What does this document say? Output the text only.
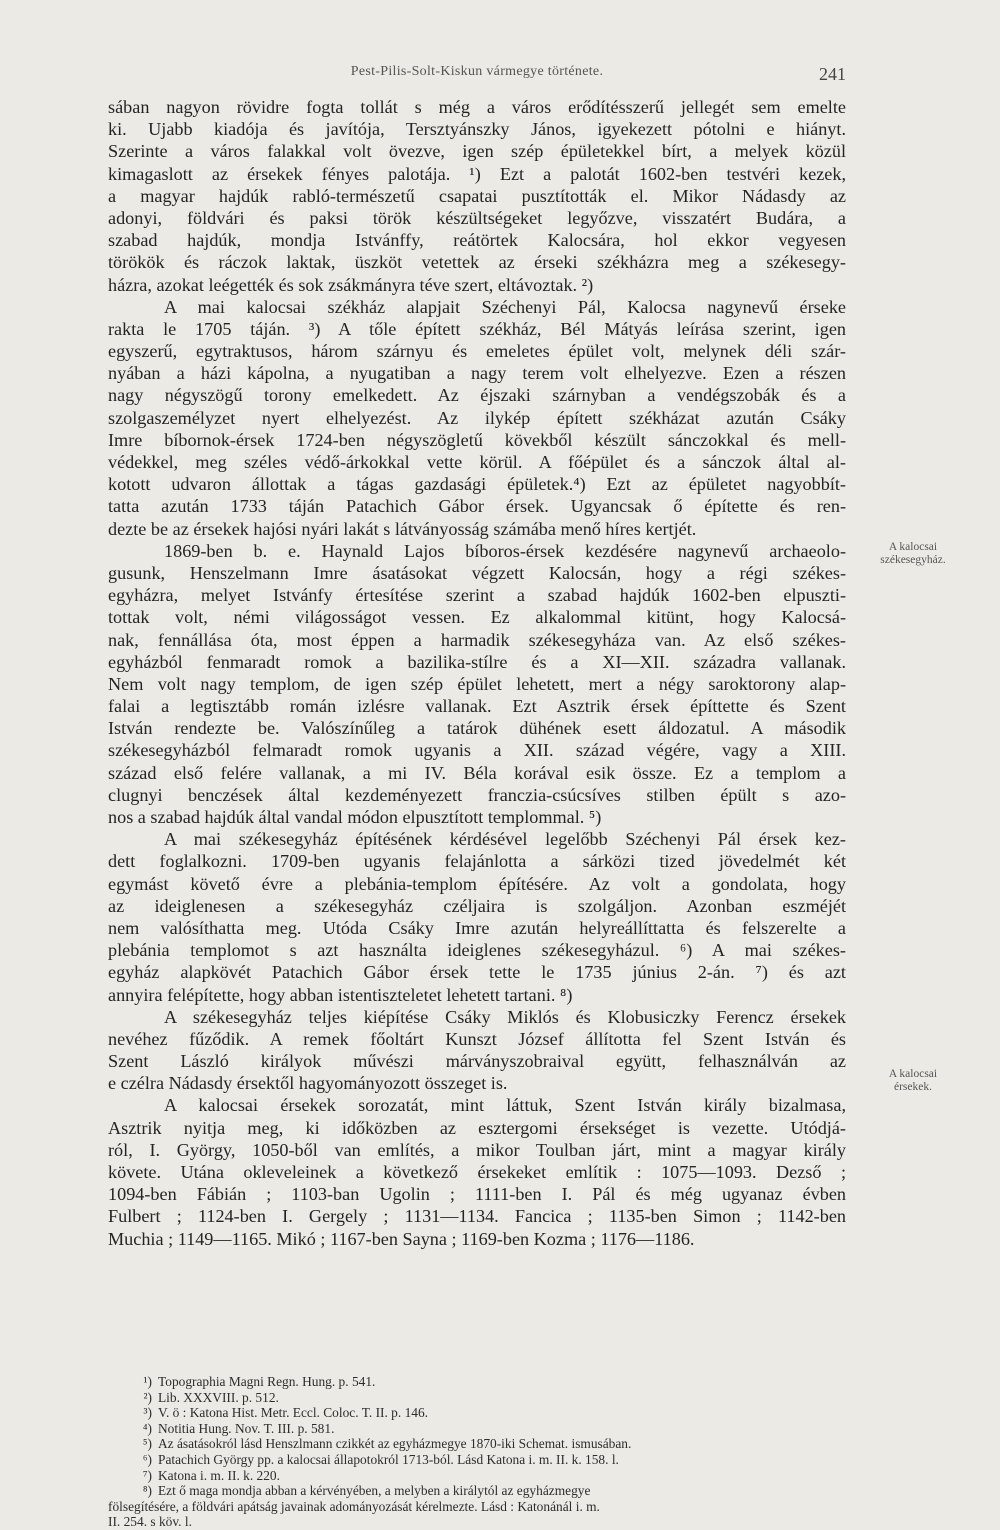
Pest-Pilis-Solt-Kiskun vármegye története.	241
sában nagyon rövidre fogta tollát s még a város erődítésszerű jellegét sem emelte
ki. Ujabb kiadója és javítója, Tersztyánszky János, igyekezett pótolni e hiányt.
Szerinte a város falakkal volt övezve, igen szép épületekkel bírt, a melyek közül
kimagaslott az érsekek fényes palotája. ¹) Ezt a palotát 1602-ben testvéri kezek,
a magyar hajdúk rabló-természetű csapatai pusztították el. Mikor Nádasdy az
adonyi, földvári és paksi török készültségeket legyőzve, visszatért Budára, a
szabad hajdúk, mondja Istvánffy, reátörtek Kalocsára, hol ekkor vegyesen
törökök és ráczok laktak, üszköt vetettek az érseki székházra meg a székesegy-
házra, azokat leégették és sok zsákmányra téve szert, eltávoztak. ²)
A mai kalocsai székház alapjait Széchenyi Pál, Kalocsa nagynevű érseke
rakta le 1705 táján. ³) A tőle épített székház, Bél Mátyás leírása szerint, igen
egyszerű, egytraktusos, három szárnyu és emeletes épület volt, melynek déli szár-
nyában a házi kápolna, a nyugatiban a nagy terem volt elhelyezve. Ezen a részen
nagy négyszögű torony emelkedett. Az éjszaki szárnyban a vendégszobák és a
szolgaszemélyzet nyert elhelyezést. Az ilykép épített székházat azután Csáky
Imre bíbornok-érsek 1724-ben négyszögletű kövekből készült sánczokkal és mell-
védekkel, meg széles védő-árkokkal vette körül. A főépület és a sánczok által al-
kotott udvaron állottak a tágas gazdasági épületek.⁴) Ezt az épületet nagyobbít-
tatta azután 1733 táján Patachich Gábor érsek. Ugyancsak ő építette és ren-
dezte be az érsekek hajósi nyári lakát s látványosság számába menő híres kertjét.
1869-ben b. e. Haynald Lajos bíboros-érsek kezdésére nagynevű archaeolo-
gusunk, Henszelmann Imre ásatásokat végzett Kalocsán, hogy a régi székes-
egyházra, melyet Istvánfy értesítése szerint a szabad hajdúk 1602-ben elpuszti-
tottak volt, némi világosságot vessen. Ez alkalommal kitünt, hogy Kalocsá-
nak, fennállása óta, most éppen a harmadik székesegyháza van. Az első székes-
egyházból fenmaradt romok a bazilika-stílre és a XI—XII. századra vallanak.
Nem volt nagy templom, de igen szép épület lehetett, mert a négy saroktorony alap-
falai a legtisztább román izlésre vallanak. Ezt Asztrik érsek építtette és Szent
István rendezte be. Valószínűleg a tatárok dühének esett áldozatul. A második
székesegyházból felmaradt romok ugyanis a XII. század végére, vagy a XIII.
század első felére vallanak, a mi IV. Béla korával esik össze. Ez a templom a
clugnyi benczések által kezdeményezett franczia-csúcsíves stilben épült s azo-
nos a szabad hajdúk által vandal módon elpusztított templommal. ⁵)
A mai székesegyház építésének kérdésével legelőbb Széchenyi Pál érsek kez-
dett foglalkozni. 1709-ben ugyanis felajánlotta a sárközi tized jövedelmét két
egymást követő évre a plebánia-templom építésére. Az volt a gondolata, hogy
az ideiglenesen a székesegyház czéljaira is szolgáljon. Azonban eszméjét
nem valósíthatta meg. Utóda Csáky Imre azután helyreállíttatta és felszerelte a
plebánia templomot s azt használta ideiglenes székesegyházul. ⁶) A mai székes-
egyház alapkövét Patachich Gábor érsek tette le 1735 június 2-án. ⁷) és azt
annyira felépítette, hogy abban istentiszteletet lehetett tartani. ⁸)
A székesegyház teljes kiépítése Csáky Miklós és Klobusiczky Ferencz érsekek
nevéhez fűződik. A remek főoltárt Kunszt József állította fel Szent István és
Szent László királyok művészi márványszobraival együtt, felhasználván az
e czélra Nádasdy érsektől hagyományozott összeget is.
A kalocsai érsekek sorozatát, mint láttuk, Szent István király bizalmasa,
Asztrik nyitja meg, ki időközben az esztergomi érsekséget is vezette. Utódjá-
ról, I. György, 1050-ből van említés, a mikor Toulban járt, mint a magyar király
követe. Utána okleveleinek a következő érsekeket említik : 1075—1093. Dezső ;
1094-ben Fábián ; 1103-ban Ugolin ; 1111-ben I. Pál és még ugyanaz évben
Fulbert ; 1124-ben I. Gergely ; 1131—1134. Fancica ; 1135-ben Simon ; 1142-ben
Muchia ; 1149—1165. Mikó ; 1167-ben Sayna ; 1169-ben Kozma ; 1176—1186.
A kalocsai
székesegyház.
A kalocsai
érsekek.
¹) Topographia Magni Regn. Hung. p. 541.
²) Lib. XXXVIII. p. 512.
³) V. ö : Katona Hist. Metr. Eccl. Coloc. T. II. p. 146.
⁴) Notitia Hung. Nov. T. III. p. 581.
⁵) Az ásatásokról lásd Henszlmann czikkét az egyházmegye 1870-iki Schemat. ismusában.
⁶) Patachich György pp. a kalocsai állapotokról 1713-ból. Lásd Katona i. m. II. k. 158. l.
⁷) Katona i. m. II. k. 220.
⁸) Ezt ő maga mondja abban a kérvényében, a melyben a királytól az egyházmegye
fölsegítésére, a földvári apátság javainak adományozását kérelmezte. Lásd : Katonánál i. m.
II. 254. s köv. l.
